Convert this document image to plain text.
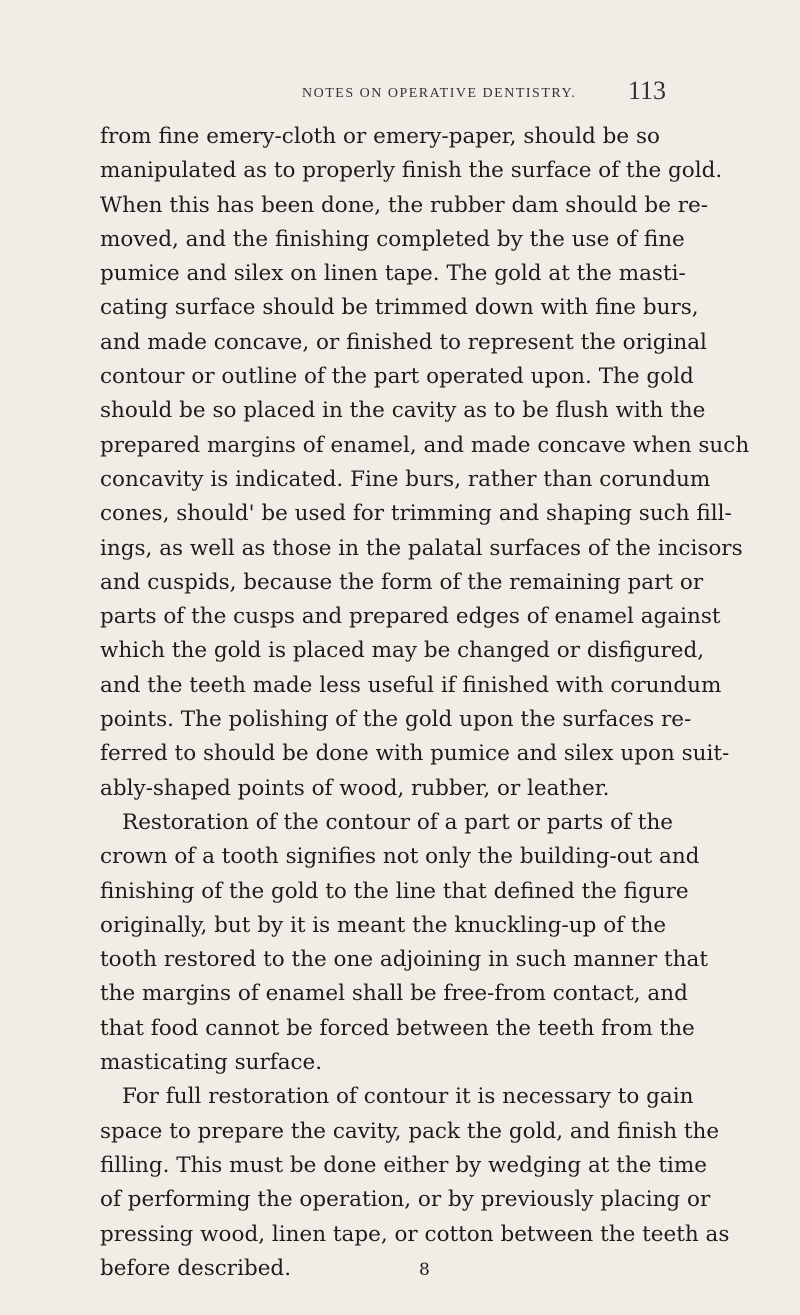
NOTES ON OPERATIVE DENTISTRY. 113
from fine emery-cloth or emery-paper, should be so
manipulated as to properly finish the surface of the gold.
When this has been done, the rubber dam should be re-
moved, and the finishing completed by the use of fine
pumice and silex on linen tape. The gold at the masti-
cating surface should be trimmed down with fine burs,
and made concave, or finished to represent the original
contour or outline of the part operated upon. The gold
should be so placed in the cavity as to be flush with the
prepared margins of enamel, and made concave when such
concavity is indicated. Fine burs, rather than corundum
cones, should' be used for trimming and shaping such fill-
ings, as well as those in the palatal surfaces of the incisors
and cuspids, because the form of the remaining part or
parts of the cusps and prepared edges of enamel against
which the gold is placed may be changed or disfigured,
and the teeth made less useful if finished with corundum
points. The polishing of the gold upon the surfaces re-
ferred to should be done with pumice and silex upon suit-
ably-shaped points of wood, rubber, or leather.
Restoration of the contour of a part or parts of the
crown of a tooth signifies not only the building-out and
finishing of the gold to the line that defined the figure
originally, but by it is meant the knuckling-up of the
tooth restored to the one adjoining in such manner that
the margins of enamel shall be free-from contact, and
that food cannot be forced between the teeth from the
masticating surface.
For full restoration of contour it is necessary to gain
space to prepare the cavity, pack the gold, and finish the
filling. This must be done either by wedging at the time
of performing the operation, or by previously placing or
pressing wood, linen tape, or cotton between the teeth as
before described.	8
